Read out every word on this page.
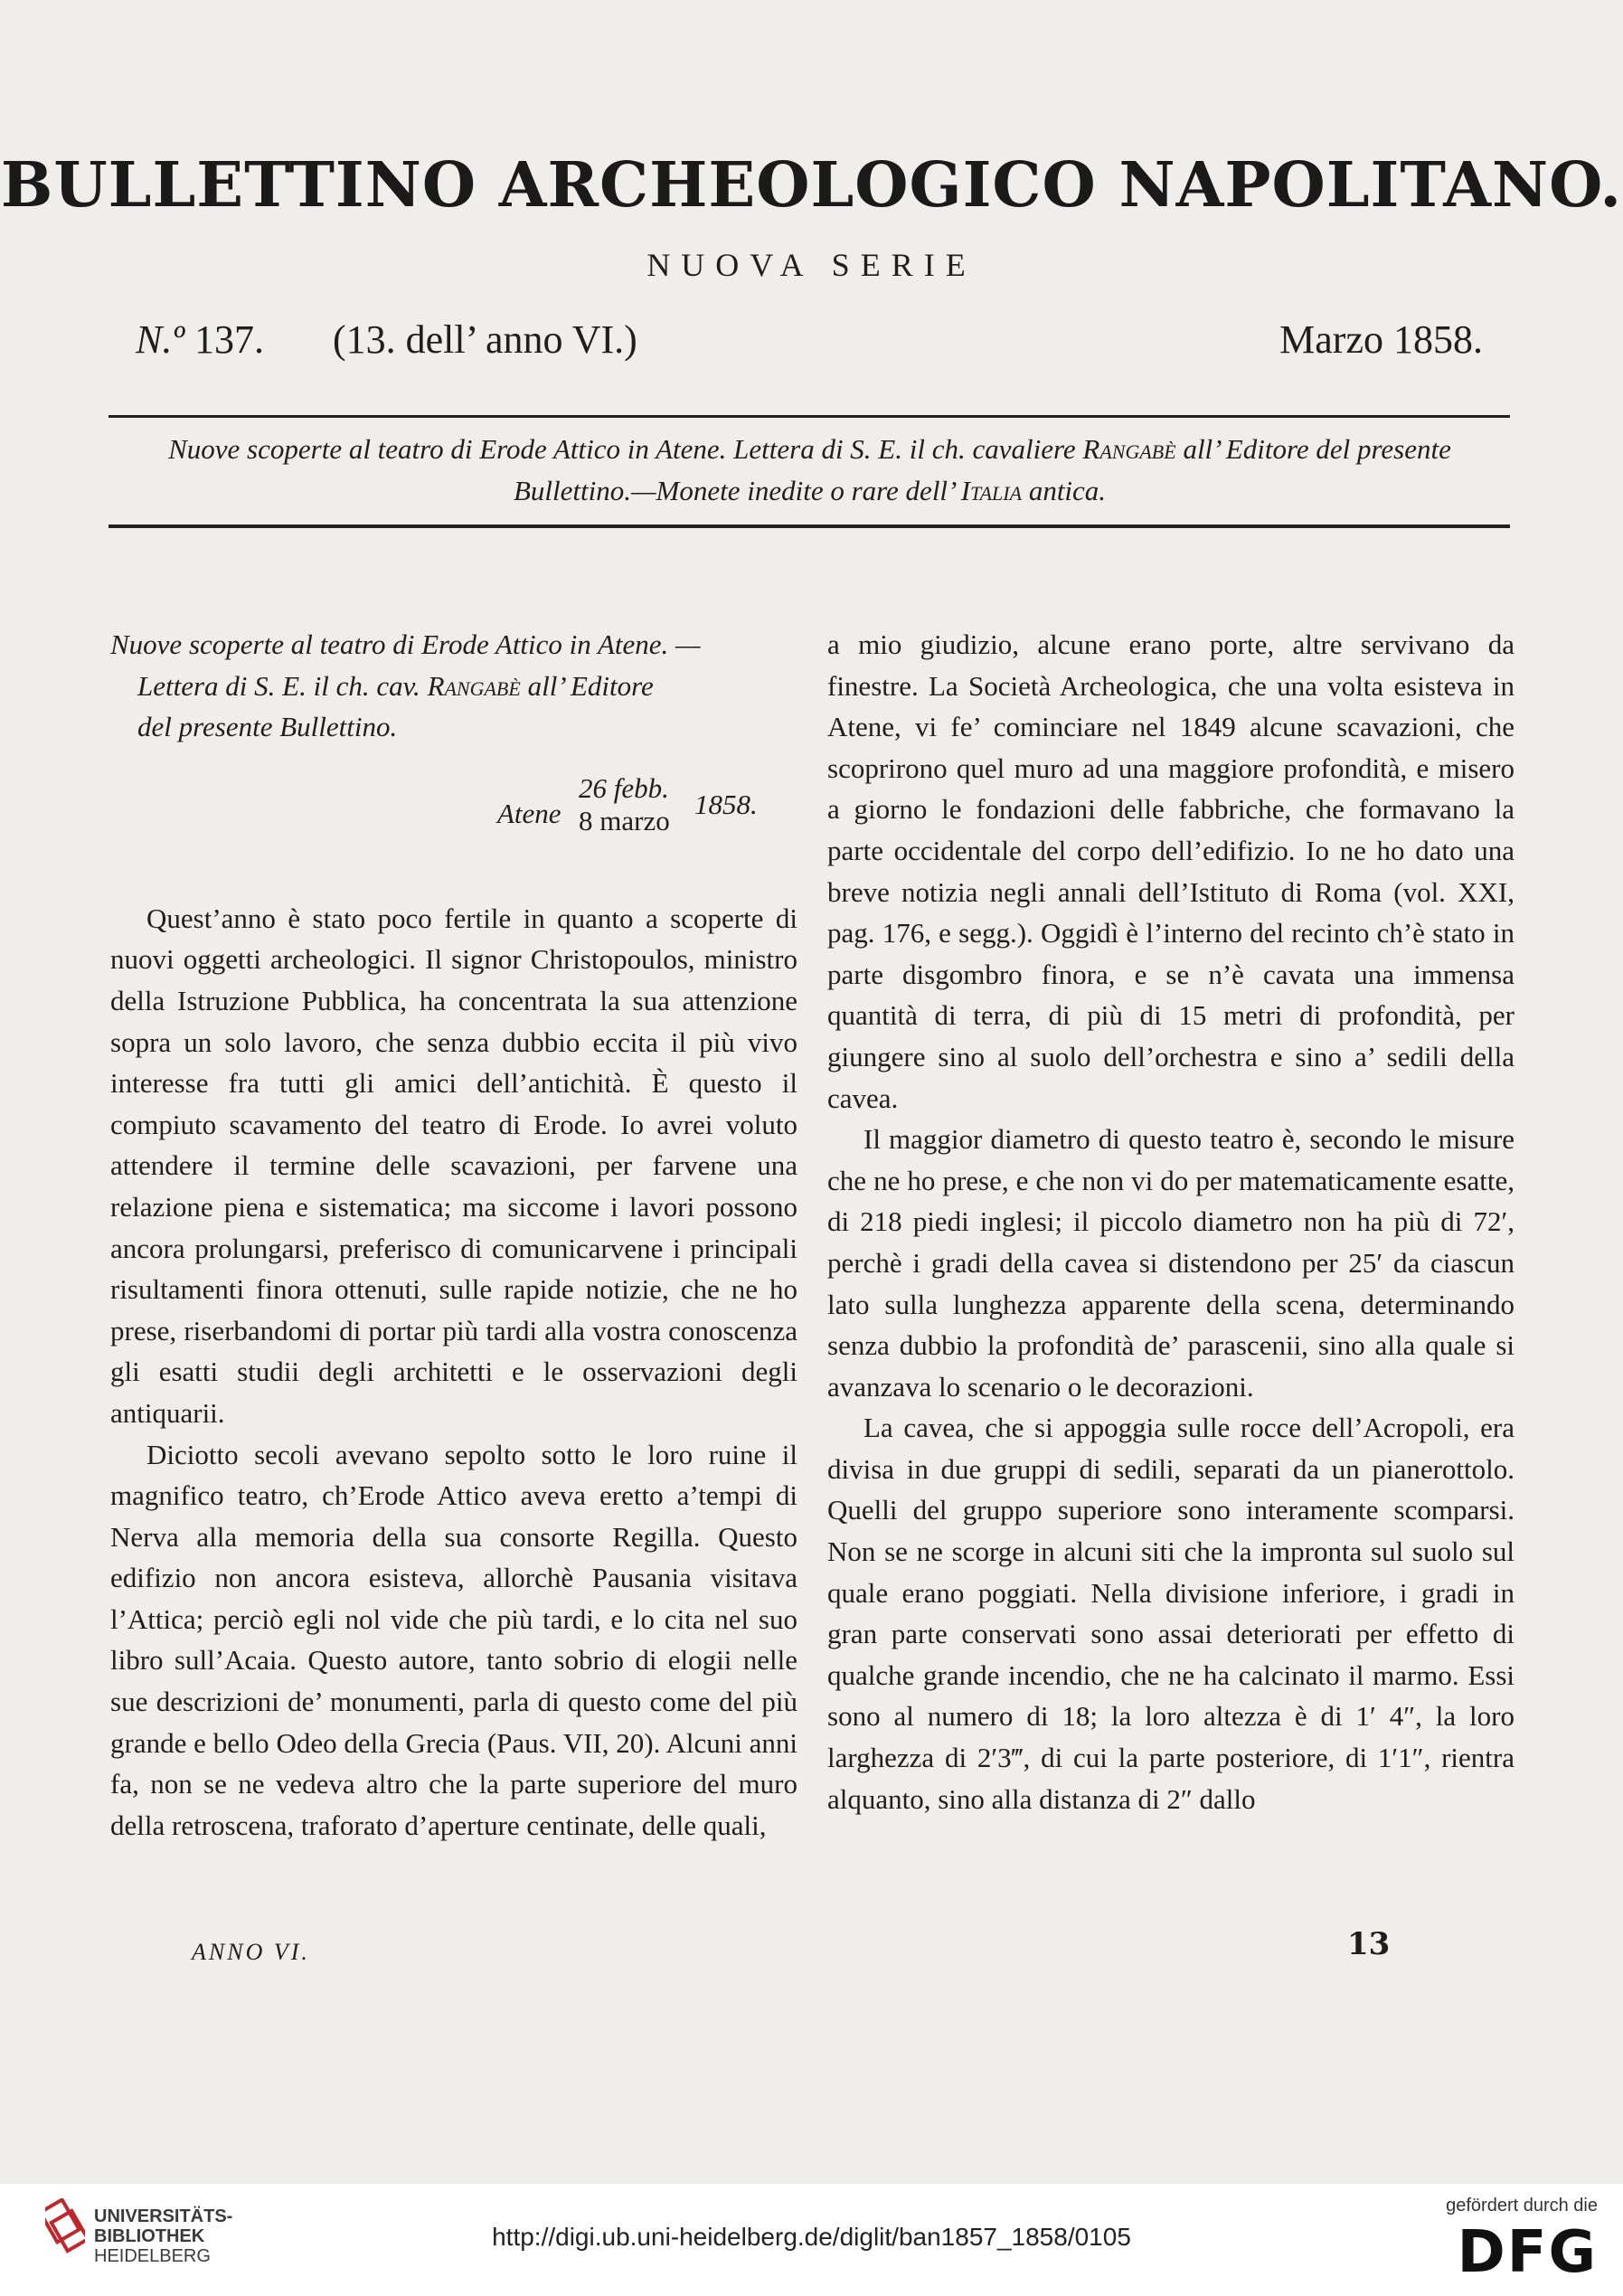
BULLETTINO ARCHEOLOGICO NAPOLITANO.
NUOVA SERIE
N.º 137. (13. dell’ anno VI.)	Marzo 1858.
Nuove scoperte al teatro di Erode Attico in Atene. Lettera di S. E. il ch. cavaliere Rangabè all’ Editore del presente Bullettino.—Monete inedite o rare dell’ Italia antica.
Nuove scoperte al teatro di Erode Attico in Atene. —
Lettera di S. E. il ch. cav. Rangabè all’ Editore
del presente Bullettino.
Atene
26 febb.
8 marzo
1858.

Quest’anno è stato poco fertile in quanto a scoperte di nuovi oggetti archeologici. Il signor Christopoulos, ministro della Istruzione Pubblica, ha concentrata la sua attenzione sopra un solo lavoro, che senza dubbio eccita il più vivo interesse fra tutti gli amici dell’antichità. È questo il compiuto scavamento del teatro di Erode. Io avrei voluto attendere il termine delle scavazioni, per farvene una relazione piena e sistematica; ma siccome i lavori possono ancora prolungarsi, preferisco di comunicarvene i principali risultamenti finora ottenuti, sulle rapide notizie, che ne ho prese, riserbandomi di portar più tardi alla vostra conoscenza gli esatti studii degli architetti e le osservazioni degli antiquarii.

Diciotto secoli avevano sepolto sotto le loro ruine il magnifico teatro, ch’Erode Attico aveva eretto a’tempi di Nerva alla memoria della sua consorte Regilla. Questo edifizio non ancora esisteva, allorchè Pausania visitava l’Attica; perciò egli nol vide che più tardi, e lo cita nel suo libro sull’Acaia. Questo autore, tanto sobrio di elogii nelle sue descrizioni de’ monumenti, parla di questo come del più grande e bello Odeo della Grecia (Paus. VII, 20). Alcuni anni fa, non se ne vedeva altro che la parte superiore del muro della retroscena, traforato d’aperture centinate, delle quali,

a mio giudizio, alcune erano porte, altre servivano da finestre. La Società Archeologica, che una volta esisteva in Atene, vi fe’ cominciare nel 1849 alcune scavazioni, che scoprirono quel muro ad una maggiore profondità, e misero a giorno le fondazioni delle fabbriche, che formavano la parte occidentale del corpo dell’edifizio. Io ne ho dato una breve notizia negli annali dell’Istituto di Roma (vol. XXI, pag. 176, e segg.). Oggidì è l’interno del recinto ch’è stato in parte disgombro finora, e se n’è cavata una immensa quantità di terra, di più di 15 metri di profondità, per giungere sino al suolo dell’orchestra e sino a’ sedili della cavea.

Il maggior diametro di questo teatro è, secondo le misure che ne ho prese, e che non vi do per matematicamente esatte, di 218 piedi inglesi; il piccolo diametro non ha più di 72′, perchè i gradi della cavea si distendono per 25′ da ciascun lato sulla lunghezza apparente della scena, determinando senza dubbio la profondità de’ parascenii, sino alla quale si avanzava lo scenario o le decorazioni.

La cavea, che si appoggia sulle rocce dell’Acropoli, era divisa in due gruppi di sedili, separati da un pianerottolo. Quelli del gruppo superiore sono interamente scomparsi. Non se ne scorge in alcuni siti che la impronta sul suolo sul quale erano poggiati. Nella divisione inferiore, i gradi in gran parte conservati sono assai deteriorati per effetto di qualche grande incendio, che ne ha calcinato il marmo. Essi sono al numero di 18; la loro altezza è di 1′ 4″, la loro larghezza di 2′3‴, di cui la parte posteriore, di 1′1″, rientra alquanto, sino alla distanza di 2″ dallo

ANNO VI.	13
UNIVERSITÄTS-
BIBLIOTHEK
HEIDELBERG
http://digi.ub.uni-heidelberg.de/diglit/ban1857_1858/0105
gefördert durch die
DFG
